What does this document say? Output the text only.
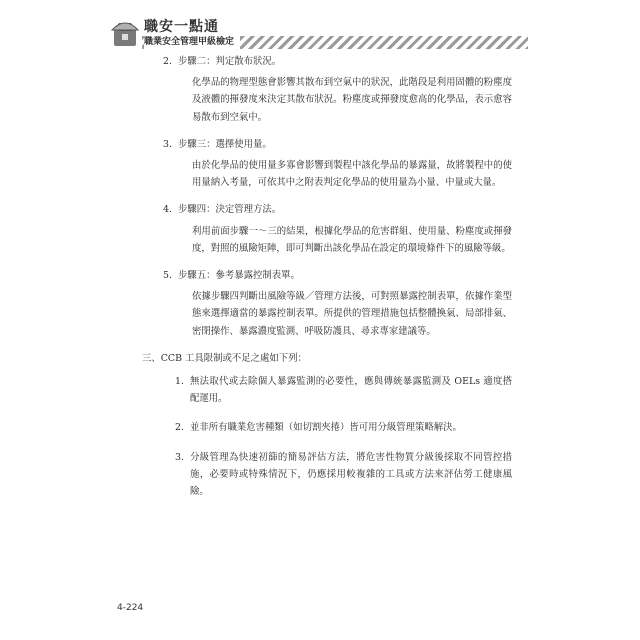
職安一點通
職業安全管理甲級檢定
2. 步驟二：判定散布狀況。
化學品的物理型態會影響其散布到空氣中的狀況，此階段是利用固體的粉塵度及液體的揮發度來決定其散布狀況。粉塵度或揮發度愈高的化學品，表示愈容易散布到空氣中。
3. 步驟三：選擇使用量。
由於化學品的使用量多寡會影響到製程中該化學品的暴露量，故將製程中的使用量納入考量，可依其中之附表判定化學品的使用量為小量、中量或大量。
4. 步驟四：決定管理方法。
利用前面步驟一～三的結果，根據化學品的危害群組、使用量、粉塵度或揮發度，對照的風險矩陣，即可判斷出該化學品在設定的環境條件下的風險等級。
5. 步驟五：參考暴露控制表單。
依據步驟四判斷出風險等級／管理方法後，可對照暴露控制表單，依據作業型態來選擇適當的暴露控制表單。所提供的管理措施包括整體換氣、局部排氣、密閉操作、暴露濃度監測、呼吸防護具、尋求專家建議等。
三、CCB 工具限制或不足之處如下列：
1. 無法取代或去除個人暴露監測的必要性，應與傳統暴露監測及 OELs 適度搭配運用。
2. 並非所有職業危害種類（如切割夾捲）皆可用分級管理策略解決。
3. 分級管理為快速初篩的簡易評估方法，將危害性物質分級後採取不同管控措施，必要時或特殊情況下，仍應採用較複雜的工具或方法來評估勞工健康風險。
4-224
